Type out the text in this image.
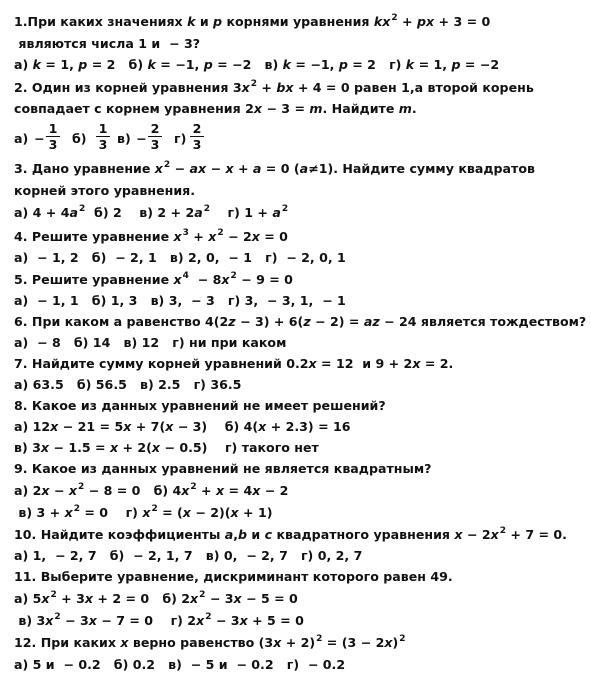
1.При каких значениях k и p корнями уравнения $kx^2$ + px + 3 = 0
являются числа 1 и  − 3?
а) k = 1, p = 2   б) k = −1, p = −2   в) k = −1, p = 2   г) k = 1, p = −2
2. Один из корней уравнения $3x^2$ + bx + 4 = 0 равен 1,а второй корень
совпадает с корнем уравнения 2x − 3 = m. Найдите m.
$а) - \frac{1}{3} б) \frac{1}{3} в) - \frac{2}{3} г) \frac{2}{3}$
3. Дано уравнение $x^2$ − ax − x + a = 0 (a≠1). Найдите сумму квадратов
корней этого уравнения.
а) $4 + 4a^2$  б) 2    в) $2 + 2a^2$    г) $1 + a^2$
4. Решите уравнение $x^3 + x^2 - 2x = 0$
а)  − 1, 2   б)  − 2, 1   в) 2, 0,  − 1   г)  − 2, 0, 1
5. Решите уравнение $x^4 - 8x^2 - 9 = 0$
а)  − 1, 1   б) 1, 3   в) 3,  − 3   г) 3,  − 3, 1,  − 1
6. При каком а равенство 4(2z − 3) + 6(z − 2) = az − 24 является тождеством?
а)  − 8   б) 14   в) 12   г) ни при каком
7. Найдите сумму корней уравнений 0.2x = 12  и 9 + 2x = 2.
а) 63.5   б) 56.5   в) 2.5   г) 36.5
8. Какое из данных уравнений не имеет решений?
а) 12x − 21 = 5x + 7(x − 3)    б) 4(x + 2.3) = 16
в) 3x − 1.5 = x + 2(x − 0.5)    г) такого нет
9. Какое из данных уравнений не является квадратным?
а) $2x - x^2 - 8 = 0$   б) $4x^2 + x = 4x - 2$
в) $3 + x^2 = 0$    г) $x^2 = (x - 2)(x + 1)$
10. Найдите коэффициенты a,b и c квадратного уравнения $x - 2x^2 + 7 = 0$.
а) 1,  − 2, 7   б)  − 2, 1, 7   в) 0,  − 2, 7   г) 0, 2, 7
11. Выберите уравнение, дискриминант которого равен 49.
а) $5x^2 + 3x + 2 = 0$   б) $2x^2 - 3x - 5 = 0$
в) $3x^2 - 3x - 7 = 0$    г) $2x^2 - 3x + 5 = 0$
12. При каких x верно равенство $(3x + 2)^2 = (3 - 2x)^2$
а) 5 и  − 0.2   б) 0.2   в)  − 5 и  − 0.2   г)  − 0.2
